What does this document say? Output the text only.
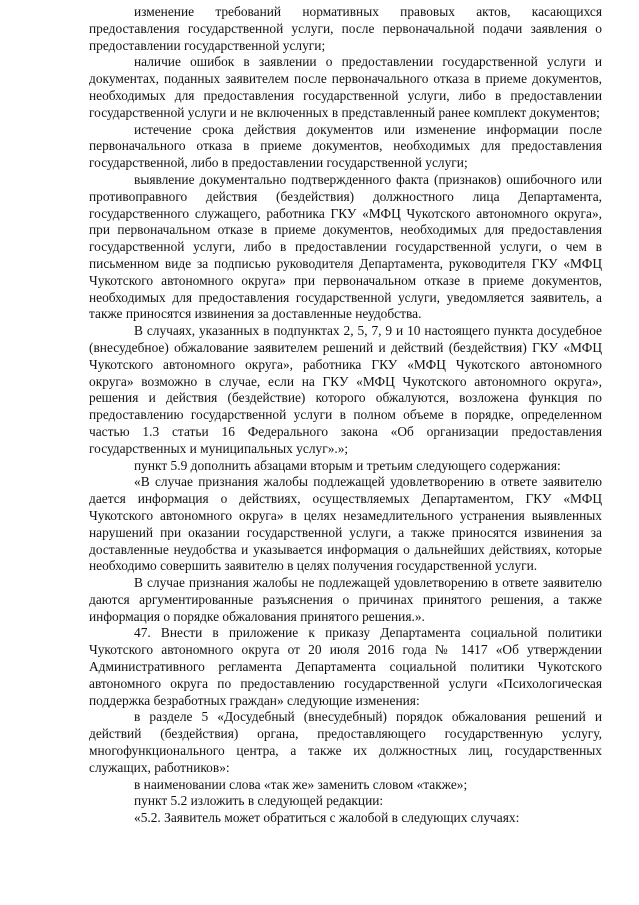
изменение требований нормативных правовых актов, касающихся предоставления государственной услуги, после первоначальной подачи заявления о предоставлении государственной услуги;

наличие ошибок в заявлении о предоставлении государственной услуги и документах, поданных заявителем после первоначального отказа в приеме документов, необходимых для предоставления государственной услуги, либо в предоставлении государственной услуги и не включенных в представленный ранее комплект документов;

истечение срока действия документов или изменение информации после первоначального отказа в приеме документов, необходимых для предоставления государственной, либо в предоставлении государственной услуги;

выявление документально подтвержденного факта (признаков) ошибочного или противоправного действия (бездействия) должностного лица Департамента, государственного служащего, работника ГКУ «МФЦ Чукотского автономного округа», при первоначальном отказе в приеме документов, необходимых для предоставления государственной услуги, либо в предоставлении государственной услуги, о чем в письменном виде за подписью руководителя Департамента, руководителя ГКУ «МФЦ Чукотского автономного округа» при первоначальном отказе в приеме документов, необходимых для предоставления государственной услуги, уведомляется заявитель, а также приносятся извинения за доставленные неудобства.

В случаях, указанных в подпунктах 2, 5, 7, 9 и 10 настоящего пункта досудебное (внесудебное) обжалование заявителем решений и действий (бездействия) ГКУ «МФЦ Чукотского автономного округа», работника ГКУ «МФЦ Чукотского автономного округа» возможно в случае, если на ГКУ «МФЦ Чукотского автономного округа», решения и действия (бездействие) которого обжалуются, возложена функция по предоставлению государственной услуги в полном объеме в порядке, определенном частью 1.3 статьи 16 Федерального закона «Об организации предоставления государственных и муниципальных услуг».»;

пункт 5.9 дополнить абзацами вторым и третьим следующего содержания:

«В случае признания жалобы подлежащей удовлетворению в ответе заявителю дается информация о действиях, осуществляемых Департаментом, ГКУ «МФЦ Чукотского автономного округа» в целях незамедлительного устранения выявленных нарушений при оказании государственной услуги, а также приносятся извинения за доставленные неудобства и указывается информация о дальнейших действиях, которые необходимо совершить заявителю в целях получения государственной услуги.

В случае признания жалобы не подлежащей удовлетворению в ответе заявителю даются аргументированные разъяснения о причинах принятого решения, а также информация о порядке обжалования принятого решения.».

47. Внести в приложение к приказу Департамента социальной политики Чукотского автономного округа от 20 июля 2016 года № 1417 «Об утверждении Административного регламента Департамента социальной политики Чукотского автономного округа по предоставлению государственной услуги «Психологическая поддержка безработных граждан» следующие изменения:

в разделе 5 «Досудебный (внесудебный) порядок обжалования решений и действий (бездействия) органа, предоставляющего государственную услугу, многофункционального центра, а также их должностных лиц, государственных служащих, работников»:

в наименовании слова «так же» заменить словом «также»;

пункт 5.2 изложить в следующей редакции:

«5.2. Заявитель может обратиться с жалобой в следующих случаях:
